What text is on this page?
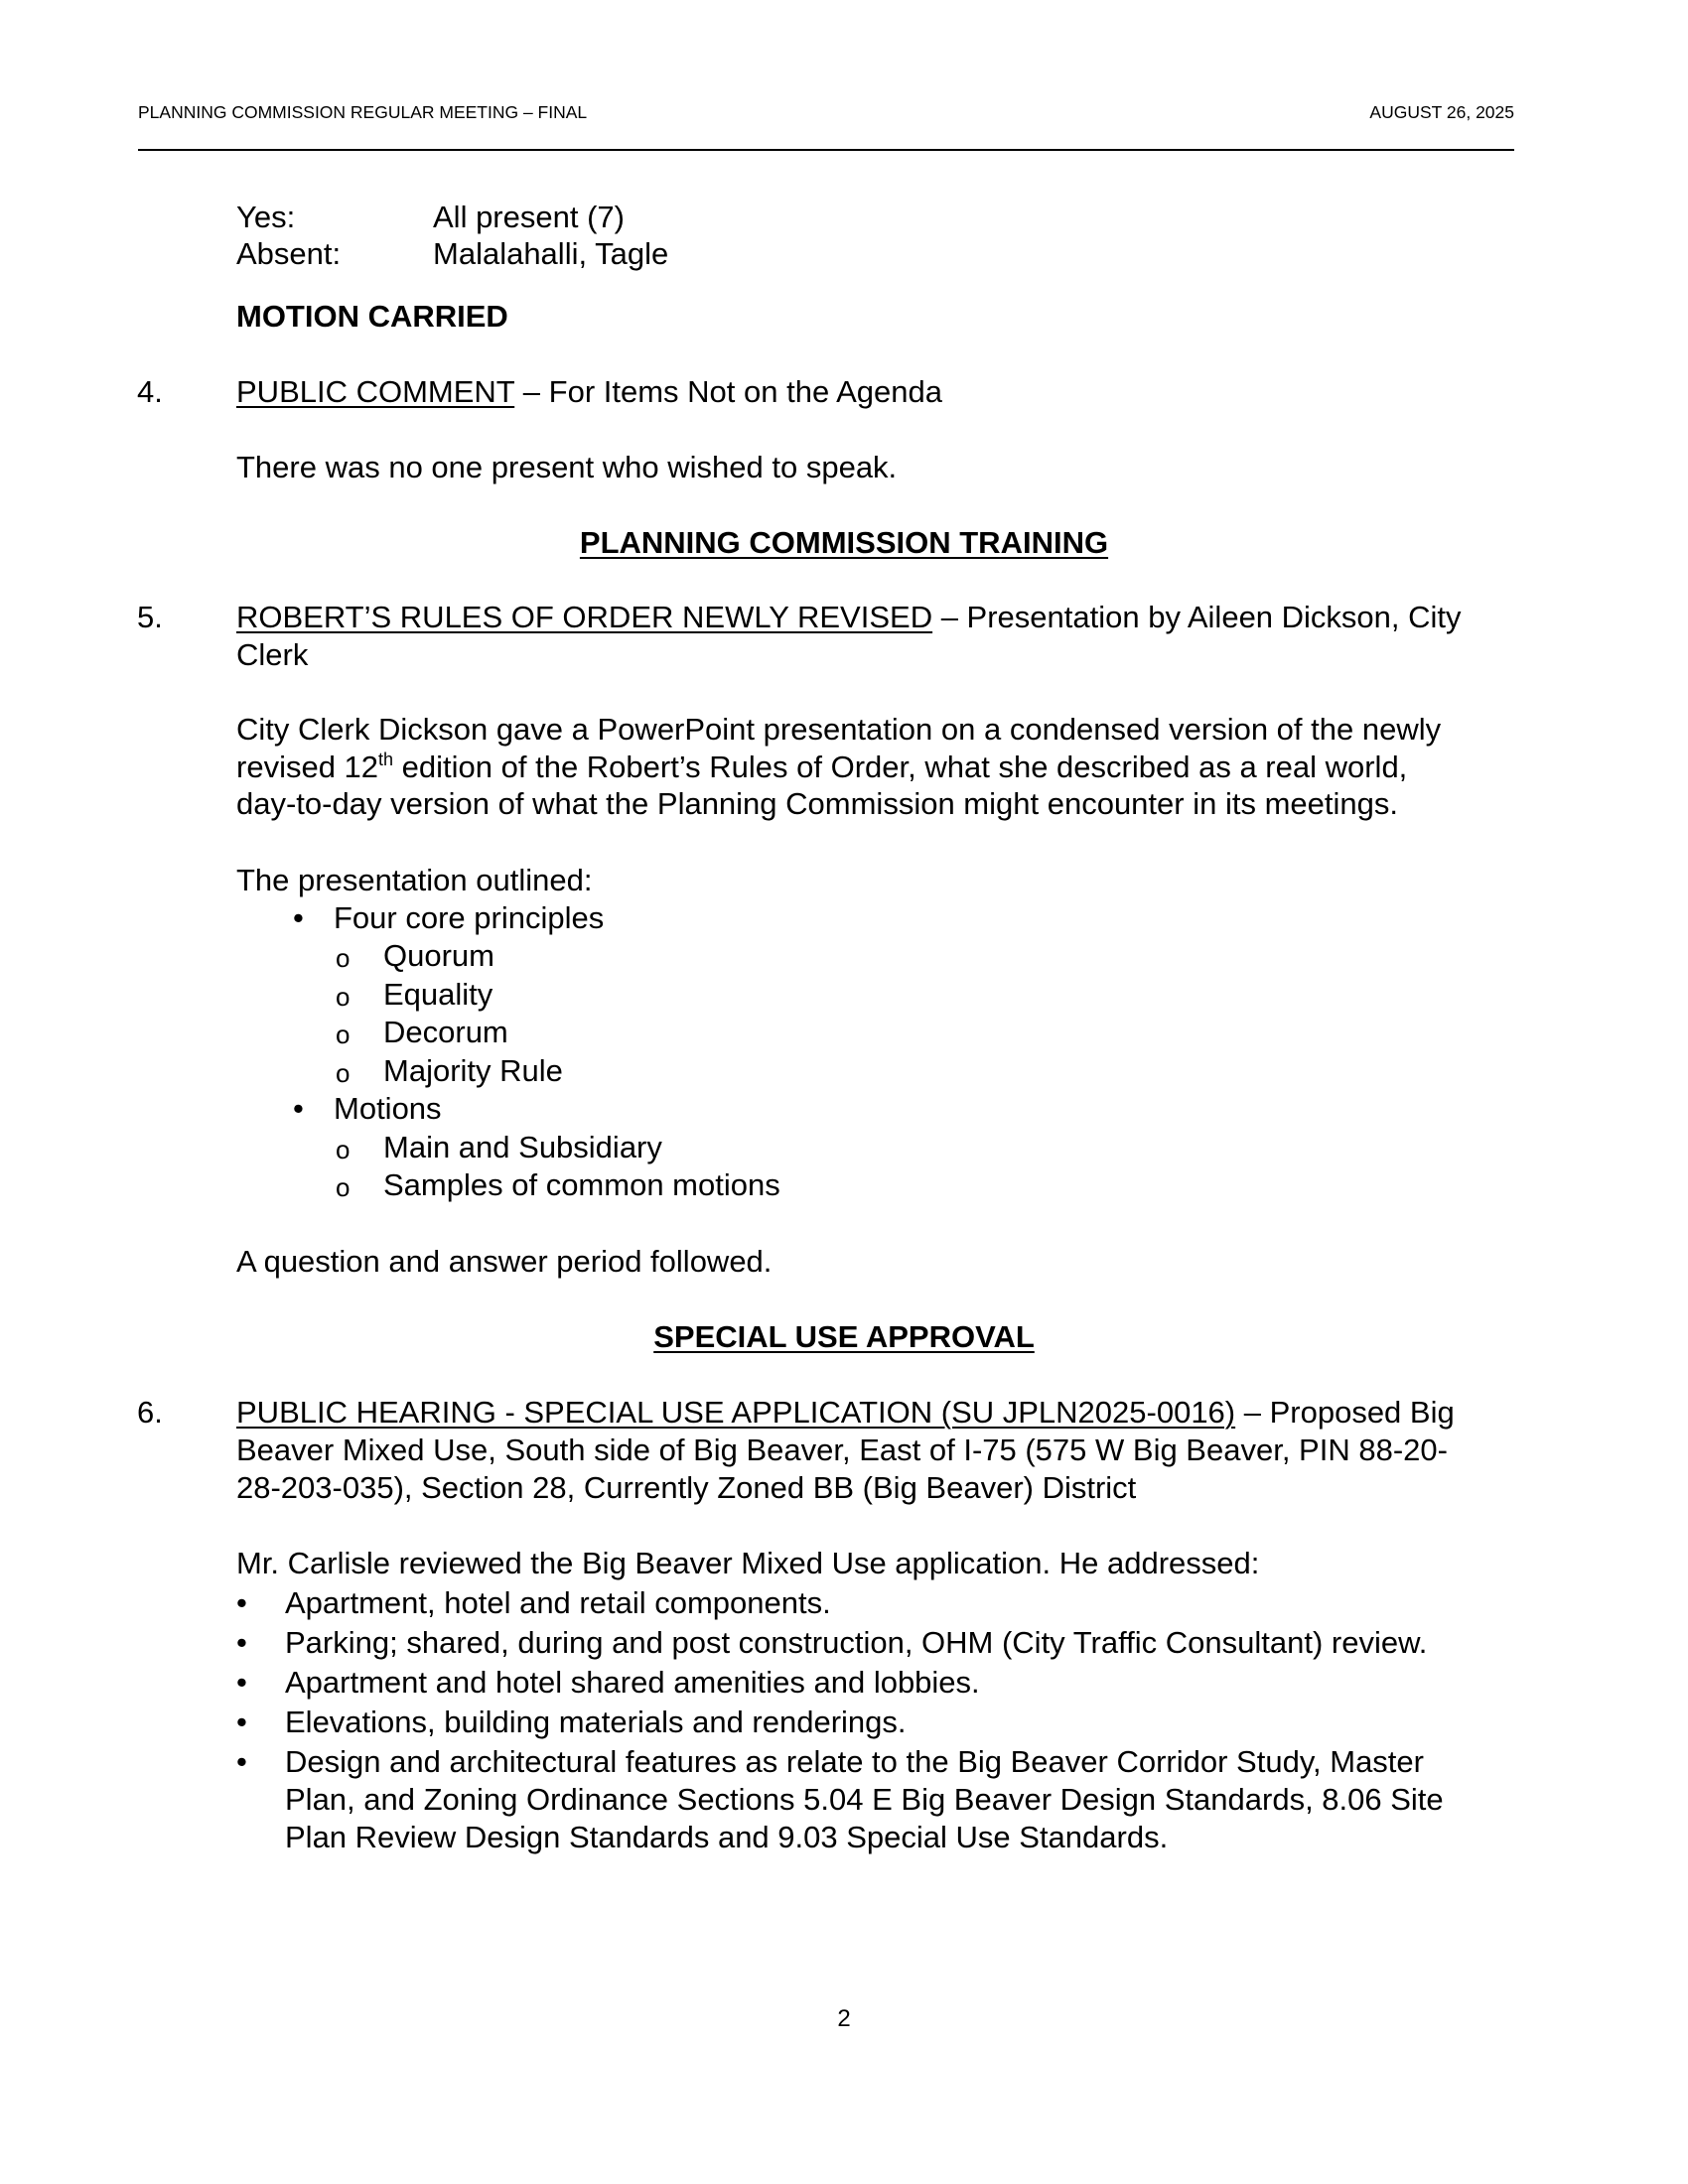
PLANNING COMMISSION REGULAR MEETING – FINAL	AUGUST 26, 2025
Yes:	All present (7)
Absent:	Malalahalli, Tagle
MOTION CARRIED
4. PUBLIC COMMENT – For Items Not on the Agenda
There was no one present who wished to speak.
PLANNING COMMISSION TRAINING
5. ROBERT’S RULES OF ORDER NEWLY REVISED – Presentation by Aileen Dickson, City
Clerk
City Clerk Dickson gave a PowerPoint presentation on a condensed version of the newly
revised 12th edition of the Robert’s Rules of Order, what she described as a real world,
day-to-day version of what the Planning Commission might encounter in its meetings.
The presentation outlined:
• Four core principles
o Quorum
o Equality
o Decorum
o Majority Rule
• Motions
o Main and Subsidiary
o Samples of common motions
A question and answer period followed.
SPECIAL USE APPROVAL
6. PUBLIC HEARING - SPECIAL USE APPLICATION (SU JPLN2025-0016) – Proposed Big
Beaver Mixed Use, South side of Big Beaver, East of I-75 (575 W Big Beaver, PIN 88-20-
28-203-035), Section 28, Currently Zoned BB (Big Beaver) District
Mr. Carlisle reviewed the Big Beaver Mixed Use application. He addressed:
• Apartment, hotel and retail components.
• Parking; shared, during and post construction, OHM (City Traffic Consultant) review.
• Apartment and hotel shared amenities and lobbies.
• Elevations, building materials and renderings.
• Design and architectural features as relate to the Big Beaver Corridor Study, Master
Plan, and Zoning Ordinance Sections 5.04 E Big Beaver Design Standards, 8.06 Site
Plan Review Design Standards and 9.03 Special Use Standards.
2
